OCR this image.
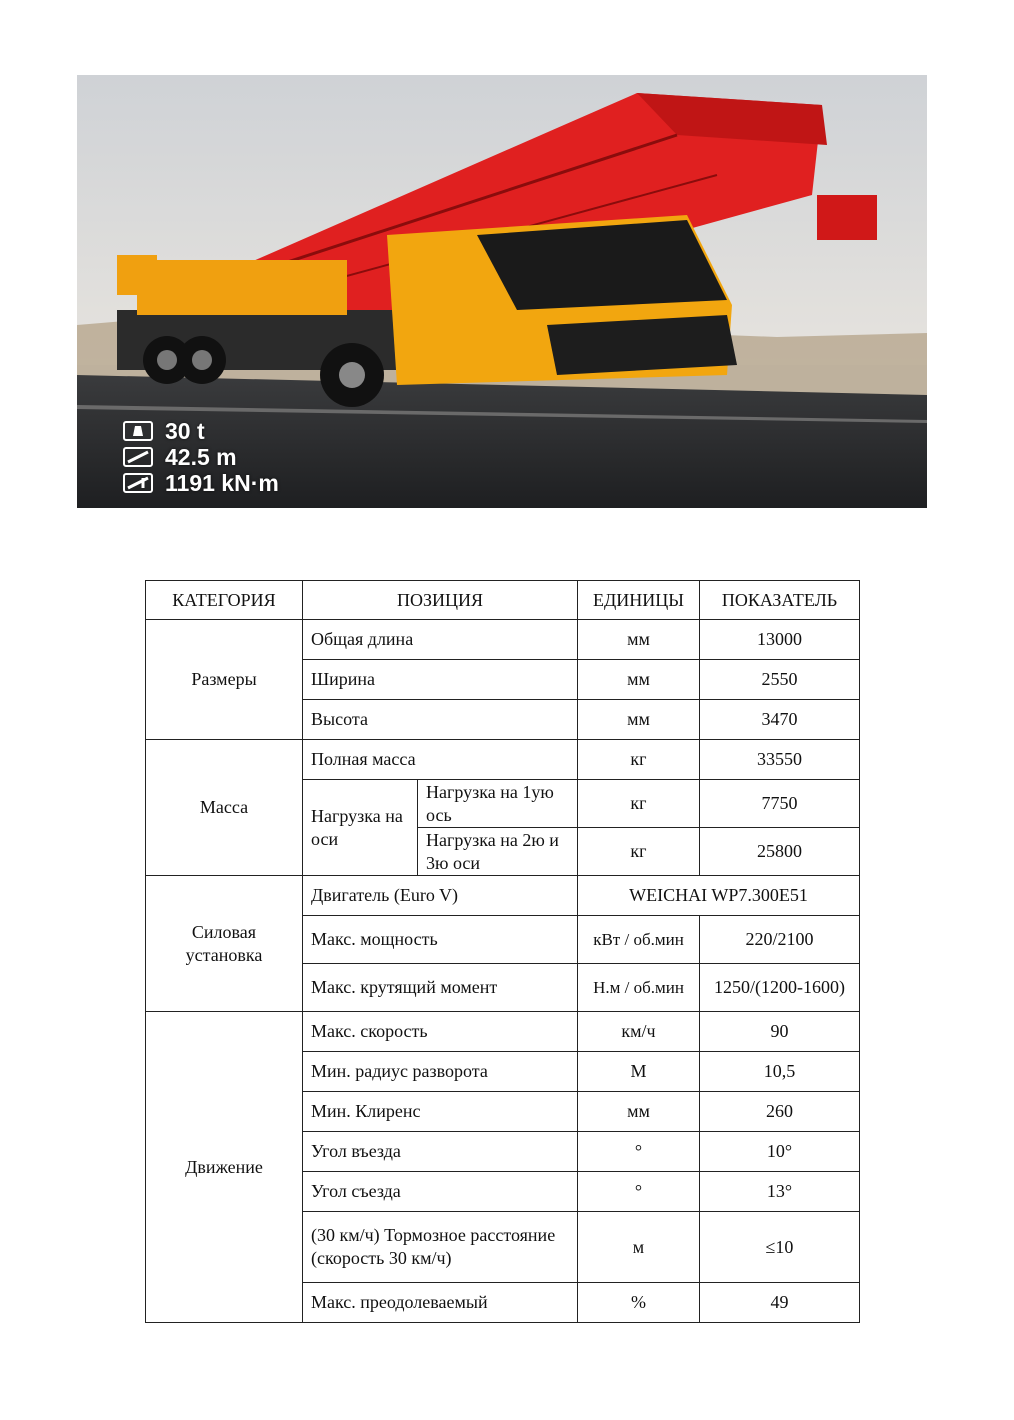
30 t
42.5 m
1191 kN·m
КАТЕГОРИЯ	ПОЗИЦИЯ		ЕДИНИЦЫ	ПОКАЗАТЕЛЬ
Размеры	Общая длина		мм	13000
	Ширина		мм	2550
	Высота		мм	3470
Масса	Полная масса		кг	33550
	Нагрузка на оси	Нагрузка на 1ую ось	кг	7750
		Нагрузка на 2ю и 3ю оси	кг	25800
Силовая установка	Двигатель (Euro V)		WEICHAI WP7.300E51	
	Макс. мощность		кВт / об.мин	220/2100
	Макс. крутящий момент		Н.м / об.мин	1250/(1200-1600)
Движение	Макс. скорость		км/ч	90
	Мин. радиус разворота		М	10,5
	Мин. Клиренс		мм	260
	Угол въезда		°	10°
	Угол съезда		°	13°
	(30 км/ч) Тормозное расстояние (скорость 30 км/ч)		м	≤10
	Макс. преодолеваемый		%	49
